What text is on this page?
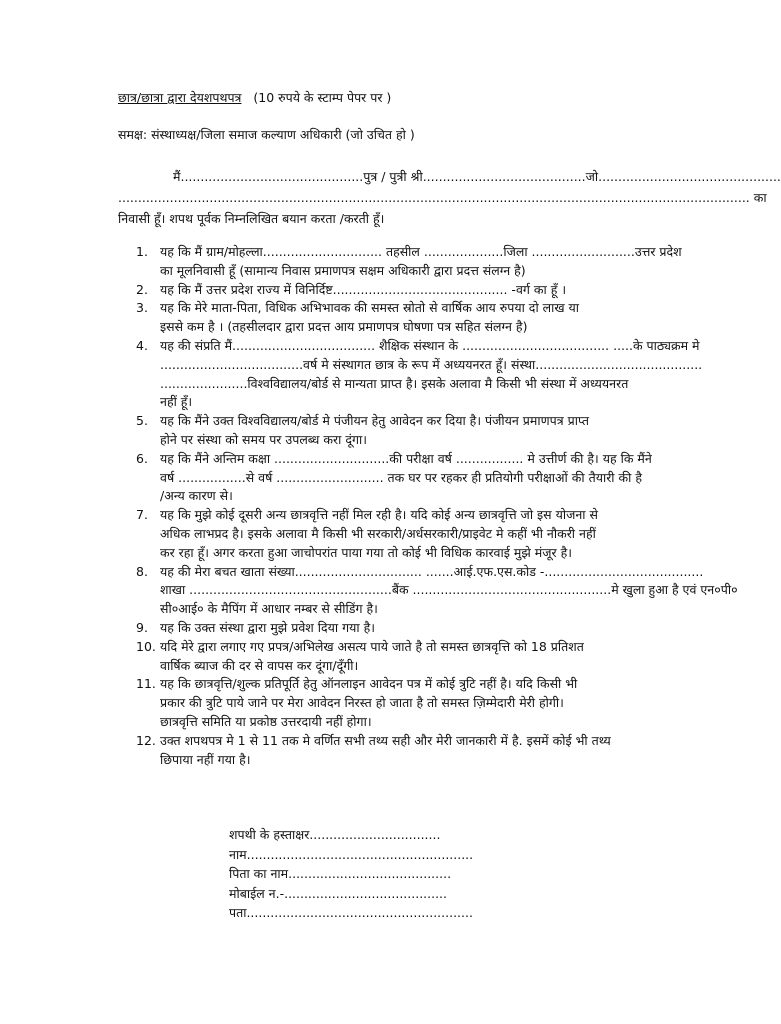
छात्र/छात्रा द्वारा देयशपथपत्र (10 रुपये के स्टाम्प पेपर पर )
समक्ष: संस्थाध्यक्ष/जिला समाज कल्याण अधिकारी (जो उचित हो )
मैं..............................................पुत्र / पुत्री श्री.........................................जो..............................................
............................................................................................................................................................... का
निवासी हूँ। शपथ पूर्वक निम्नलिखित बयान करता /करती हूँ।
1. यह कि मैं ग्राम/मोहल्ला.............................. तहसील ....................जिला ..........................उत्तर प्रदेश
का मूलनिवासी हूँ (सामान्य निवास प्रमाणपत्र सक्षम अधिकारी द्वारा प्रदत्त संलग्न है)
2. यह कि मैं उत्तर प्रदेश राज्य में विनिर्दिष्ट............................................ -वर्ग का हूँ ।
3. यह कि मेरे माता-पिता, विधिक अभिभावक की समस्त स्रोतो से वार्षिक आय रुपया दो लाख या
इससे कम है । (तहसीलदार द्वारा प्रदत्त आय प्रमाणपत्र घोषणा पत्र सहित संलग्न है)
4. यह की संप्रति मैं.................................... शैक्षिक संस्थान के ..................................... .....के पाठ्यक्रम मे
....................................वर्ष मे संस्थागत छात्र के रूप में अध्ययनरत हूँ। संस्था..........................................
......................विश्वविद्यालय/बोर्ड से मान्यता प्राप्त है। इसके अलावा मै किसी भी संस्था में अध्ययनरत
नहीं हूँ।
5. यह कि मैंने उक्त विश्वविद्यालय/बोर्ड मे पंजीयन हेतु आवेदन कर दिया है। पंजीयन प्रमाणपत्र प्राप्त
होने पर संस्था को समय पर उपलब्ध करा दूंगा।
6. यह कि मैंने अन्तिम कक्षा .............................की परीक्षा वर्ष ................. मे उत्तीर्ण की है। यह कि मैंने
वर्ष .................से वर्ष ........................... तक घर पर रहकर ही प्रतियोगी परीक्षाओं की तैयारी की है
/अन्य कारण से।
7. यह कि मुझे कोई दूसरी अन्य छात्रवृत्ति नहीं मिल रही है। यदि कोई अन्य छात्रवृत्ति जो इस योजना से
अधिक लाभप्रद है। इसके अलावा मै किसी भी सरकारी/अर्धसरकारी/प्राइवेट मे कहीं भी नौकरी नहीं
कर रहा हूँ। अगर करता हुआ जाचोपरांत पाया गया तो कोई भी विधिक कारवाई मुझे मंजूर है।
8. यह की मेरा बचत खाता संख्या................................ .......आई.एफ.एस.कोड -........................................
शाखा ...................................................बैंक ..................................................मे खुला हुआ है एवं एन०पी०
सी०आई० के मैपिंग में आधार नम्बर से सीडिंग है।
9. यह कि उक्त संस्था द्वारा मुझे प्रवेश दिया गया है।
10. यदि मेरे द्वारा लगाए गए प्रपत्र/अभिलेख असत्य पाये जाते है तो समस्त छात्रवृत्ति को 18 प्रतिशत
वार्षिक ब्याज की दर से वापस कर दूंगा/दूँगी।
11. यह कि छात्रवृत्ति/शुल्क प्रतिपूर्ति हेतु ऑनलाइन आवेदन पत्र में कोई त्रुटि नहीं है। यदि किसी भी
प्रकार की त्रुटि पाये जाने पर मेरा आवेदन निरस्त हो जाता है तो समस्त ज़िम्मेदारी मेरी होगी।
छात्रवृत्ति समिति या प्रकोष्ठ उत्तरदायी नहीं होगा।
12. उक्त शपथपत्र मे 1 से 11 तक मे वर्णित सभी तथ्य सही और मेरी जानकारी में है. इसमें कोई भी तथ्य
छिपाया नहीं गया है।
शपथी के हस्ताक्षर.................................
नाम.........................................................
पिता का नाम.........................................
मोबाईल न.-.........................................
पता.........................................................
